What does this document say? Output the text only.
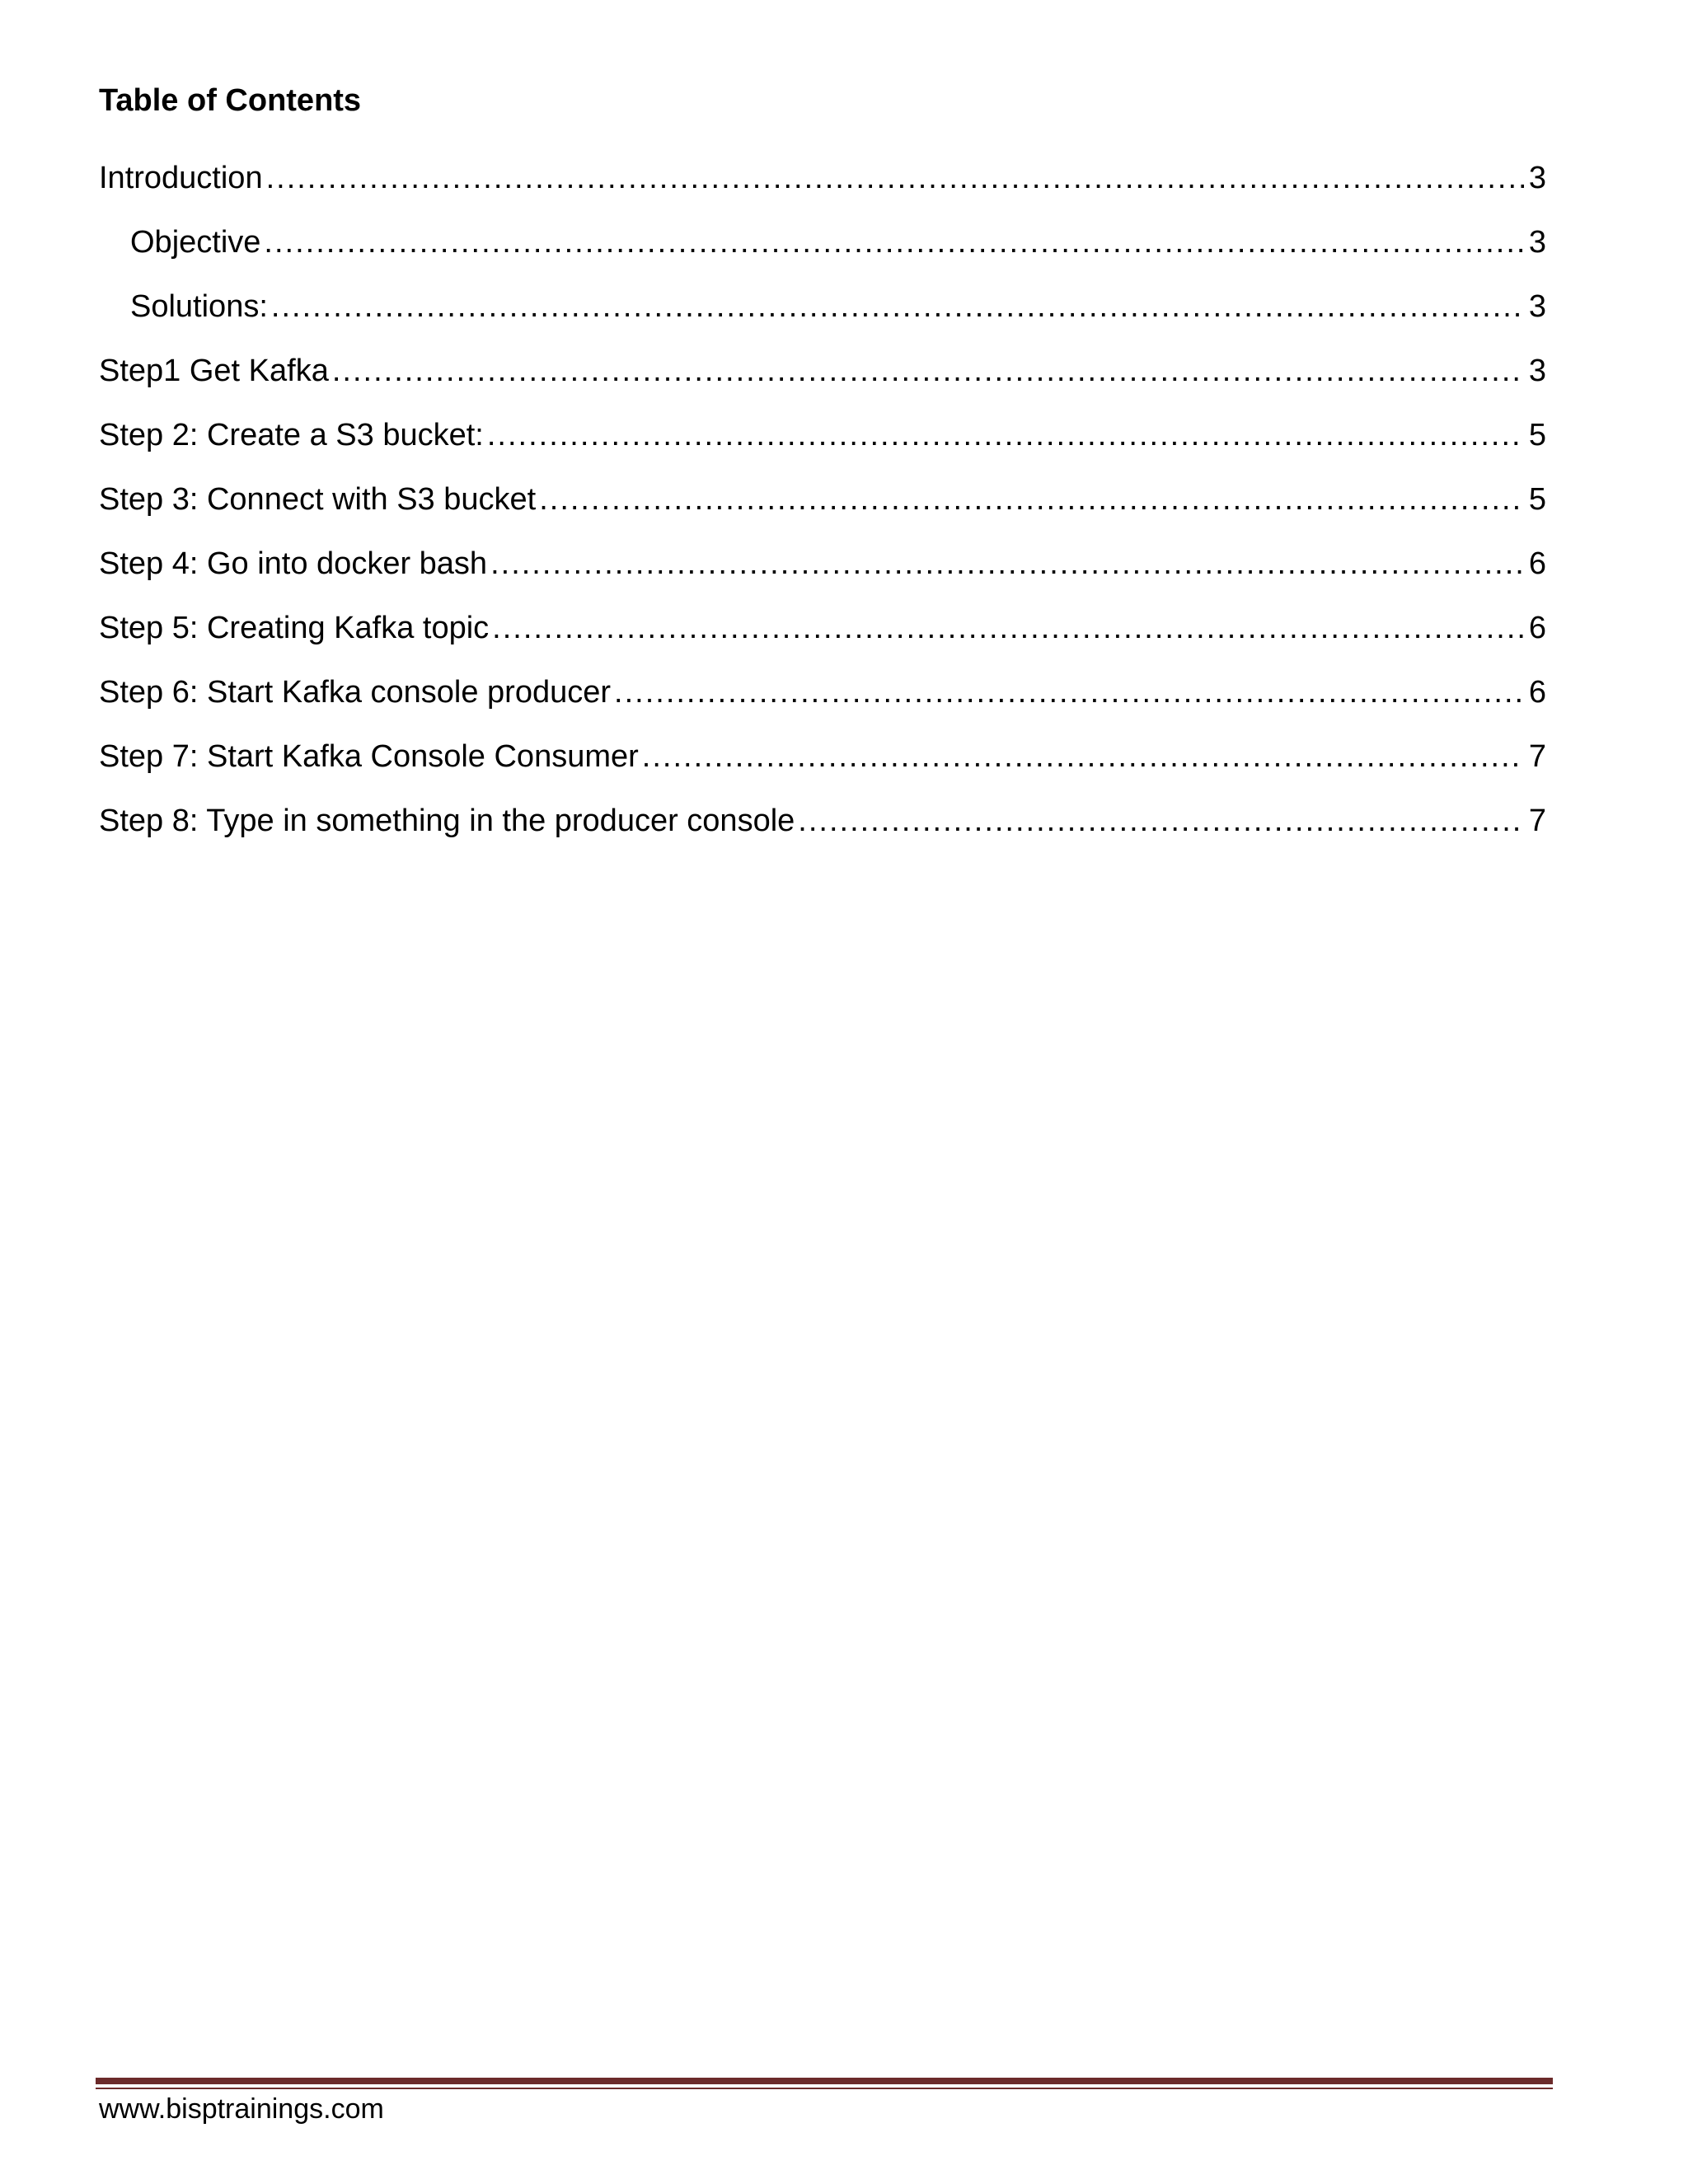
Table of Contents
Introduction .....	3
Objective .....	3
Solutions: .....	3
Step1 Get Kafka .....	3
Step 2: Create a S3 bucket: .....	5
Step 3: Connect with S3 bucket .....	5
Step 4: Go into docker bash .....	6
Step 5: Creating Kafka topic .....	6
Step 6: Start Kafka console producer .....	6
Step 7: Start Kafka Console Consumer .....	7
Step 8: Type in something in the producer console .....	7
www.bisptrainings.com
